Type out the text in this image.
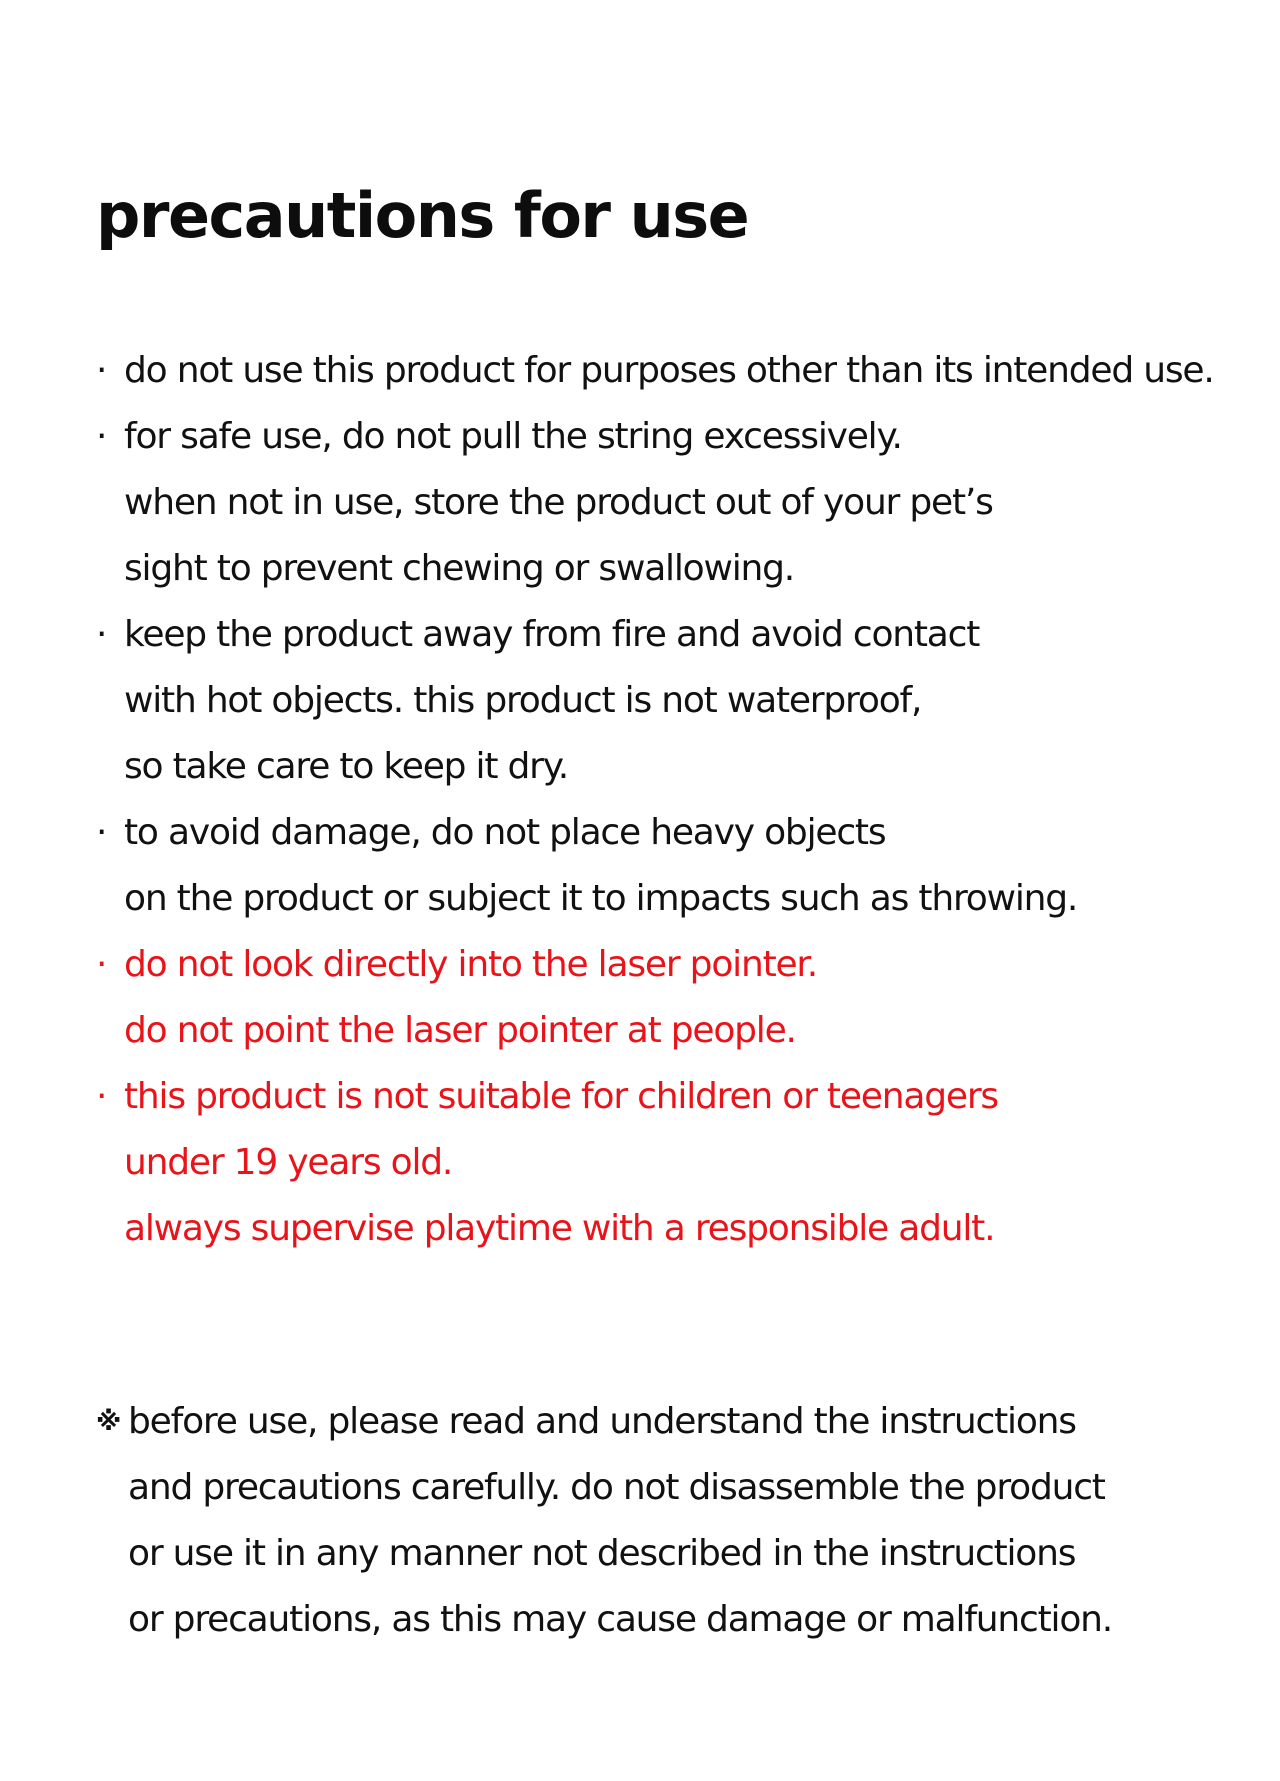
precautions for use
· do not use this product for purposes other than its intended use.
· for safe use, do not pull the string excessively.
when not in use, store the product out of your pet’s
sight to prevent chewing or swallowing.
· keep the product away from fire and avoid contact
with hot objects. this product is not waterproof,
so take care to keep it dry.
· to avoid damage, do not place heavy objects
on the product or subject it to impacts such as throwing.
· do not look directly into the laser pointer.
do not point the laser pointer at people.
· this product is not suitable for children or teenagers
under 19 years old.
always supervise playtime with a responsible adult.
※ before use, please read and understand the instructions
and precautions carefully. do not disassemble the product
or use it in any manner not described in the instructions
or precautions, as this may cause damage or malfunction.
